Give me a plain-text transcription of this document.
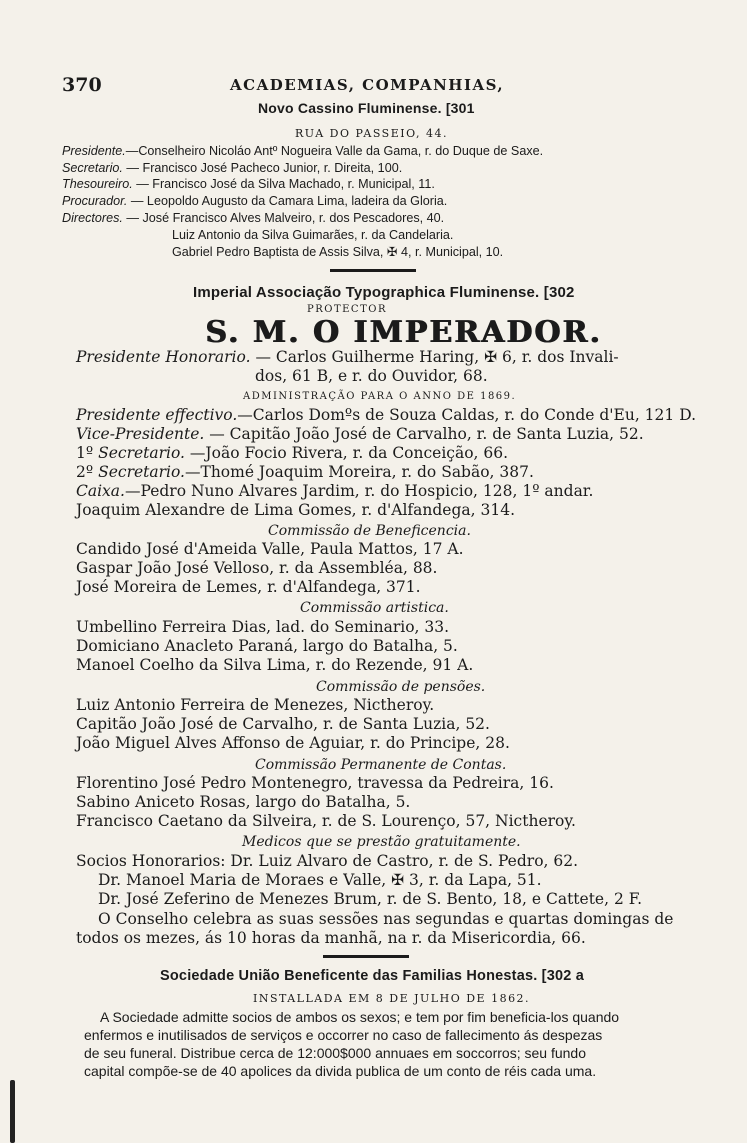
370	ACADEMIAS, COMPANHIAS,
Novo Cassino Fluminense. [301
RUA DO PASSEIO, 44.
Presidente.—Conselheiro Nicoláo Antº Nogueira Valle da Gama, r. do Duque de Saxe.
Secretario. — Francisco José Pacheco Junior, r. Direita, 100.
Thesoureiro. — Francisco José da Silva Machado, r. Municipal, 11.
Procurador. — Leopoldo Augusto da Camara Lima, ladeira da Gloria.
Directores. — José Francisco Alves Malveiro, r. dos Pescadores, 40.
Luiz Antonio da Silva Guimarães, r. da Candelaria.
Gabriel Pedro Baptista de Assis Silva, ✠ 4, r. Municipal, 10.
Imperial Associação Typographica Fluminense. [302
PROTECTOR
S. M. O IMPERADOR.
Presidente Honorario. — Carlos Guilherme Haring, ✠ 6, r. dos Invali-
dos, 61 B, e r. do Ouvidor, 68.
ADMINISTRAÇÃO PARA O ANNO DE 1869.
Presidente effectivo.—Carlos Domºs de Souza Caldas, r. do Conde d'Eu, 121 D.
Vice-Presidente. — Capitão João José de Carvalho, r. de Santa Luzia, 52.
1º Secretario. —João Focio Rivera, r. da Conceição, 66.
2º Secretario.—Thomé Joaquim Moreira, r. do Sabão, 387.
Caixa.—Pedro Nuno Alvares Jardim, r. do Hospicio, 128, 1º andar.
Joaquim Alexandre de Lima Gomes, r. d'Alfandega, 314.
Commissão de Beneficencia.
Candido José d'Ameida Valle, Paula Mattos, 17 A.
Gaspar João José Velloso, r. da Assembléa, 88.
José Moreira de Lemes, r. d'Alfandega, 371.
Commissão artistica.
Umbellino Ferreira Dias, lad. do Seminario, 33.
Domiciano Anacleto Paraná, largo do Batalha, 5.
Manoel Coelho da Silva Lima, r. do Rezende, 91 A.
Commissão de pensões.
Luiz Antonio Ferreira de Menezes, Nictheroy.
Capitão João José de Carvalho, r. de Santa Luzia, 52.
João Miguel Alves Affonso de Aguiar, r. do Principe, 28.
Commissão Permanente de Contas.
Florentino José Pedro Montenegro, travessa da Pedreira, 16.
Sabino Aniceto Rosas, largo do Batalha, 5.
Francisco Caetano da Silveira, r. de S. Lourenço, 57, Nictheroy.
Medicos que se prestão gratuitamente.
Socios Honorarios: Dr. Luiz Alvaro de Castro, r. de S. Pedro, 62.
Dr. Manoel Maria de Moraes e Valle, ✠ 3, r. da Lapa, 51.
Dr. José Zeferino de Menezes Brum, r. de S. Bento, 18, e Cattete, 2 F.
O Conselho celebra as suas sessões nas segundas e quartas domingas de
todos os mezes, ás 10 horas da manhã, na r. da Misericordia, 66.
Sociedade União Beneficente das Familias Honestas. [302 a
INSTALLADA EM 8 DE JULHO DE 1862.
A Sociedade admitte socios de ambos os sexos; e tem por fim beneficia-los quando
enfermos e inutilisados de serviços e occorrer no caso de fallecimento ás despezas
de seu funeral. Distribue cerca de 12:000$000 annuaes em soccorros; seu fundo
capital compõe-se de 40 apolices da divida publica de um conto de réis cada uma.
